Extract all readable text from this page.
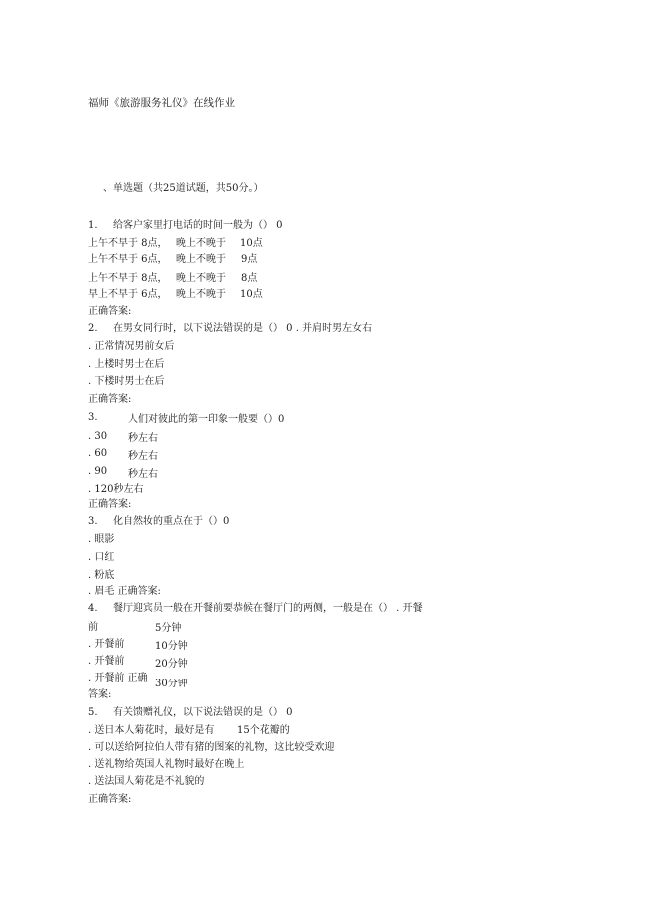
福师《旅游服务礼仪》在线作业
、单选题（共25道试题，共50分。）
1. 给客户家里打电话的时间一般为（） 0
上午不早于 8点， 晚上不晚于 10点
上午不早于 6点， 晚上不晚于 9点
上午不早于 8点， 晚上不晚于 8点
早上不早于 6点， 晚上不晚于 10点
正确答案:
2. 在男女同行时，以下说法错误的是（） 0 . 并肩时男左女右
. 正常情况男前女后
. 上楼时男士在后
. 下楼时男士在后
正确答案:
3.	人们对彼此的第一印象一般要（）0
. 30 秒左右
. 60 秒左右
. 90 秒左右
. 120秒左右
正确答案:
3. 化自然妆的重点在于（）0
. 眼影
. 口红
. 粉底
. 眉毛 正确答案:
4. 餐厅迎宾员一般在开餐前要恭候在餐厅门的两侧，一般是在（） . 开餐
前	5分钟
. 开餐前	10分钟
. 开餐前	20分钟
. 开餐前 正确 30分钟
答案:
5. 有关馈赠礼仪，以下说法错误的是（） 0
. 送日本人菊花时，最好是有 15个花瓣的
. 可以送给阿拉伯人带有猪的图案的礼物，这比较受欢迎
. 送礼物给英国人礼物时最好在晚上
. 送法国人菊花是不礼貌的
正确答案:
